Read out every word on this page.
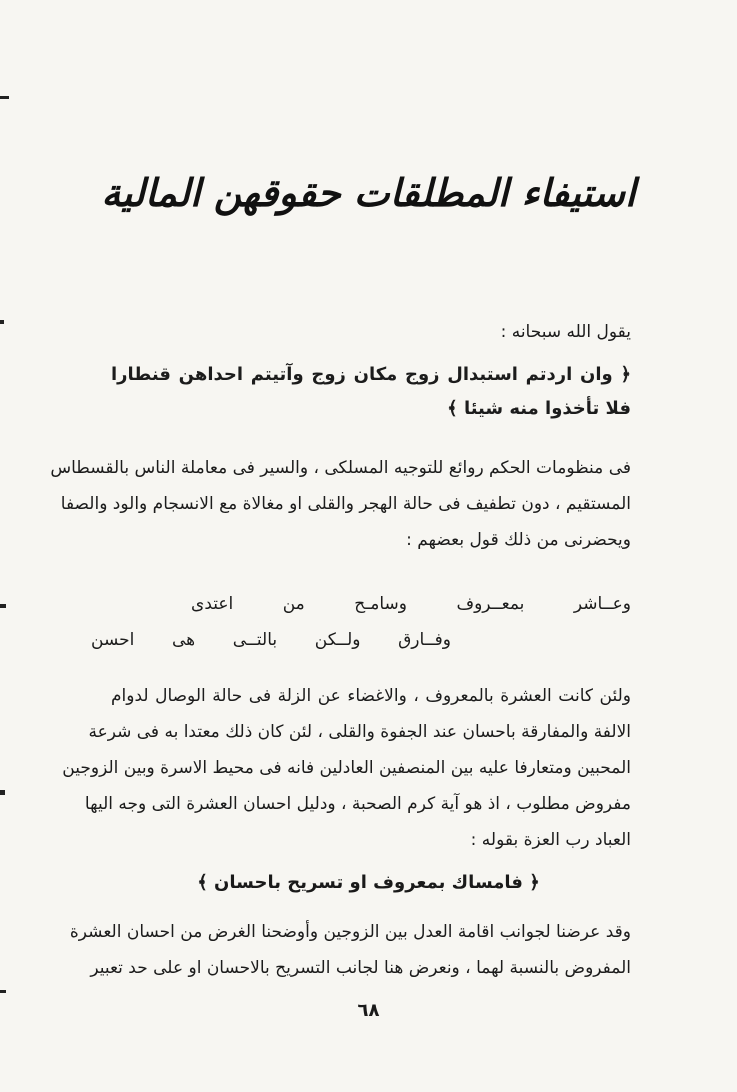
استيفاء المطلقات حقوقهن المالية
يقول الله سبحانه :
﴿ وان اردتم استبدال زوج مكان زوج وآتيتم احداهن قنطارا
فلا تأخذوا منه شيئا ﴾
فى منظومات الحكم روائع للتوجيه المسلكى ، والسير فى معاملة الناس بالقسطاس
المستقيم ، دون تطفيف فى حالة الهجر والقلى او مغالاة مع الانسجام والود والصفا
ويحضرنى من ذلك قول بعضهم :
وعــاشر
بمعــروف
وسامـح
من
اعتدى
وفــارق
ولــكن
بالتــى
هى
احسن
ولئن كانت العشرة بالمعروف ، والاغضاء عن الزلة فى حالة الوصال لدوام
الالفة والمفارقة باحسان عند الجفوة والقلى ، لئن كان ذلك معتدا به فى شرعة
المحبين ومتعارفا عليه بين المنصفين العادلين فانه فى محيط الاسرة وبين الزوجين
مفروض مطلوب ، اذ هو آية كرم الصحبة ، ودليل احسان العشرة التى وجه اليها
العباد رب العزة بقوله :
﴿ فامساك بمعروف او تسريح باحسان ﴾
وقد عرضنا لجوانب اقامة العدل بين الزوجين وأوضحنا الغرض من احسان العشرة
المفروض بالنسبة لهما ، ونعرض هنا لجانب التسريح بالاحسان او على حد تعبير
٦٨
